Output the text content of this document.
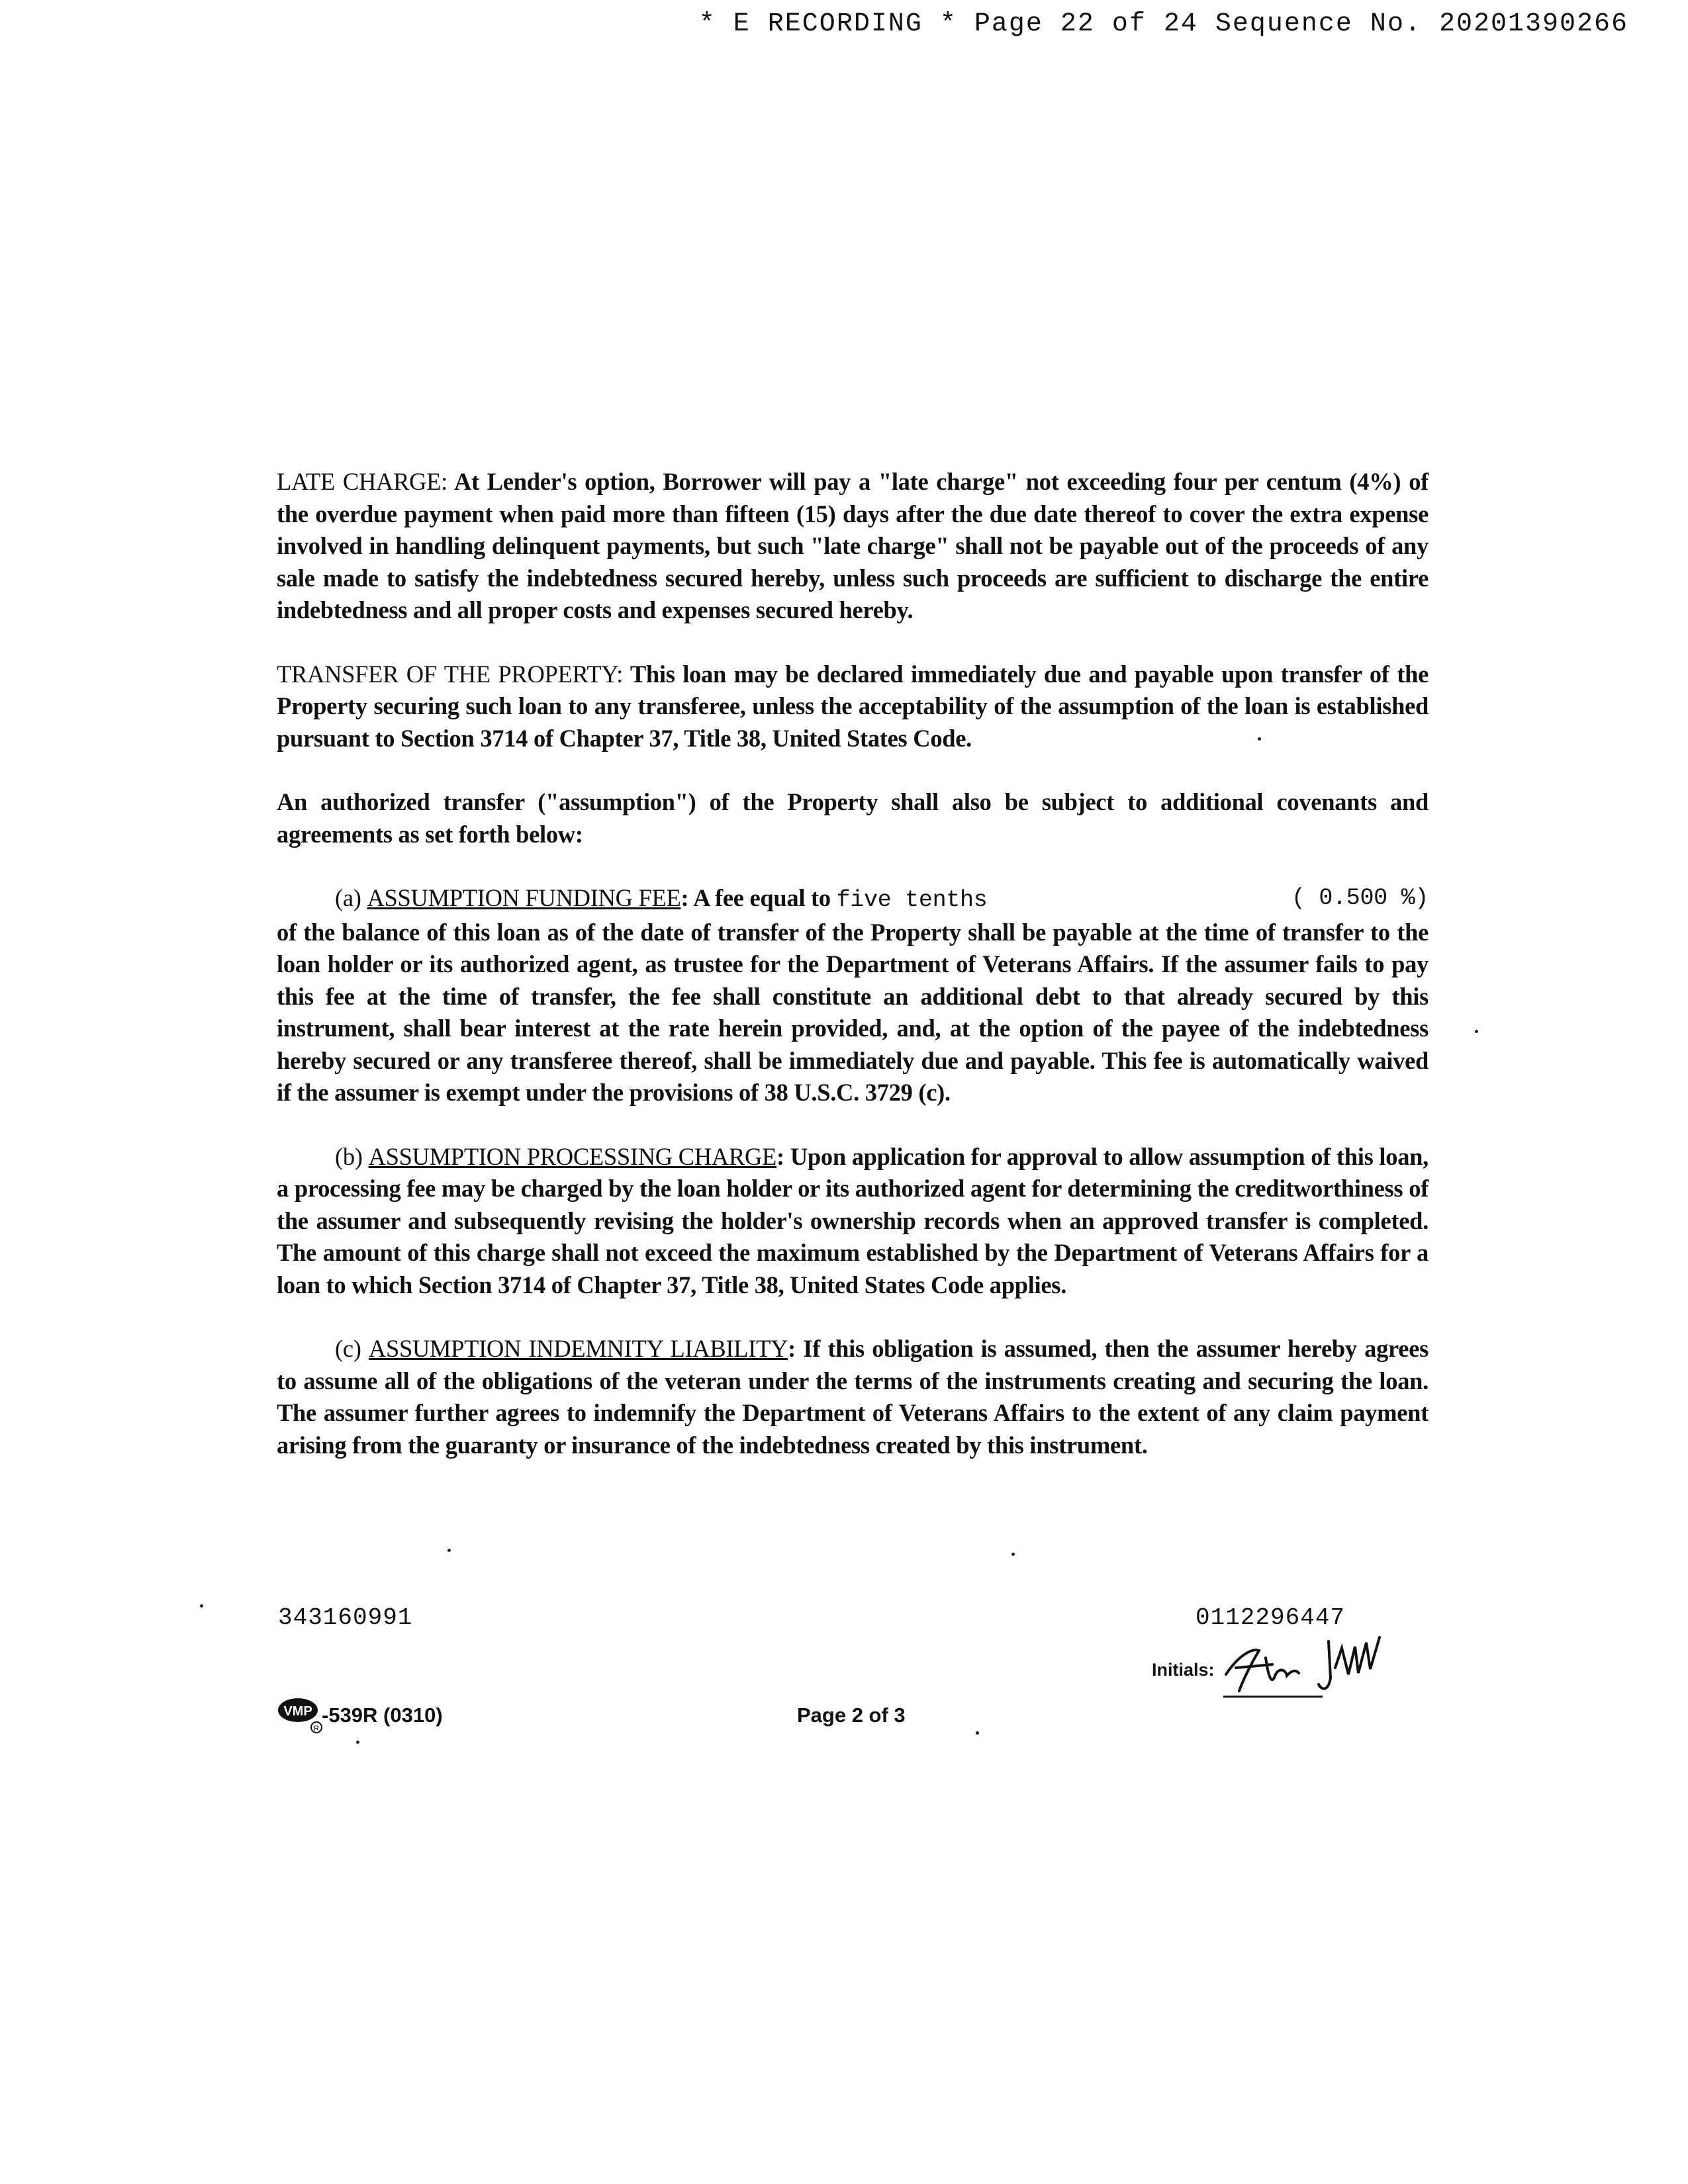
* E RECORDING * Page 22 of 24 Sequence No. 20201390266

LATE CHARGE: At Lender's option, Borrower will pay a "late charge" not exceeding four per centum (4%) of the overdue payment when paid more than fifteen (15) days after the due date thereof to cover the extra expense involved in handling delinquent payments, but such "late charge" shall not be payable out of the proceeds of any sale made to satisfy the indebtedness secured hereby, unless such proceeds are sufficient to discharge the entire indebtedness and all proper costs and expenses secured hereby.

TRANSFER OF THE PROPERTY: This loan may be declared immediately due and payable upon transfer of the Property securing such loan to any transferee, unless the acceptability of the assumption of the loan is established pursuant to Section 3714 of Chapter 37, Title 38, United States Code.

An authorized transfer ("assumption") of the Property shall also be subject to additional covenants and agreements as set forth below:

(a) ASSUMPTION FUNDING FEE: A fee equal to five tenths	( 0.500 %)
of the balance of this loan as of the date of transfer of the Property shall be payable at the time of transfer to the loan holder or its authorized agent, as trustee for the Department of Veterans Affairs. If the assumer fails to pay this fee at the time of transfer, the fee shall constitute an additional debt to that already secured by this instrument, shall bear interest at the rate herein provided, and, at the option of the payee of the indebtedness hereby secured or any transferee thereof, shall be immediately due and payable. This fee is automatically waived if the assumer is exempt under the provisions of 38 U.S.C. 3729 (c).

(b) ASSUMPTION PROCESSING CHARGE: Upon application for approval to allow assumption of this loan, a processing fee may be charged by the loan holder or its authorized agent for determining the creditworthiness of the assumer and subsequently revising the holder's ownership records when an approved transfer is completed. The amount of this charge shall not exceed the maximum established by the Department of Veterans Affairs for a loan to which Section 3714 of Chapter 37, Title 38, United States Code applies.

(c) ASSUMPTION INDEMNITY LIABILITY: If this obligation is assumed, then the assumer hereby agrees to assume all of the obligations of the veteran under the terms of the instruments creating and securing the loan. The assumer further agrees to indemnify the Department of Veterans Affairs to the extent of any claim payment arising from the guaranty or insurance of the indebtedness created by this instrument.

343160991	0112296447
Initials:
VMP
R
-539R (0310)	Page 2 of 3
